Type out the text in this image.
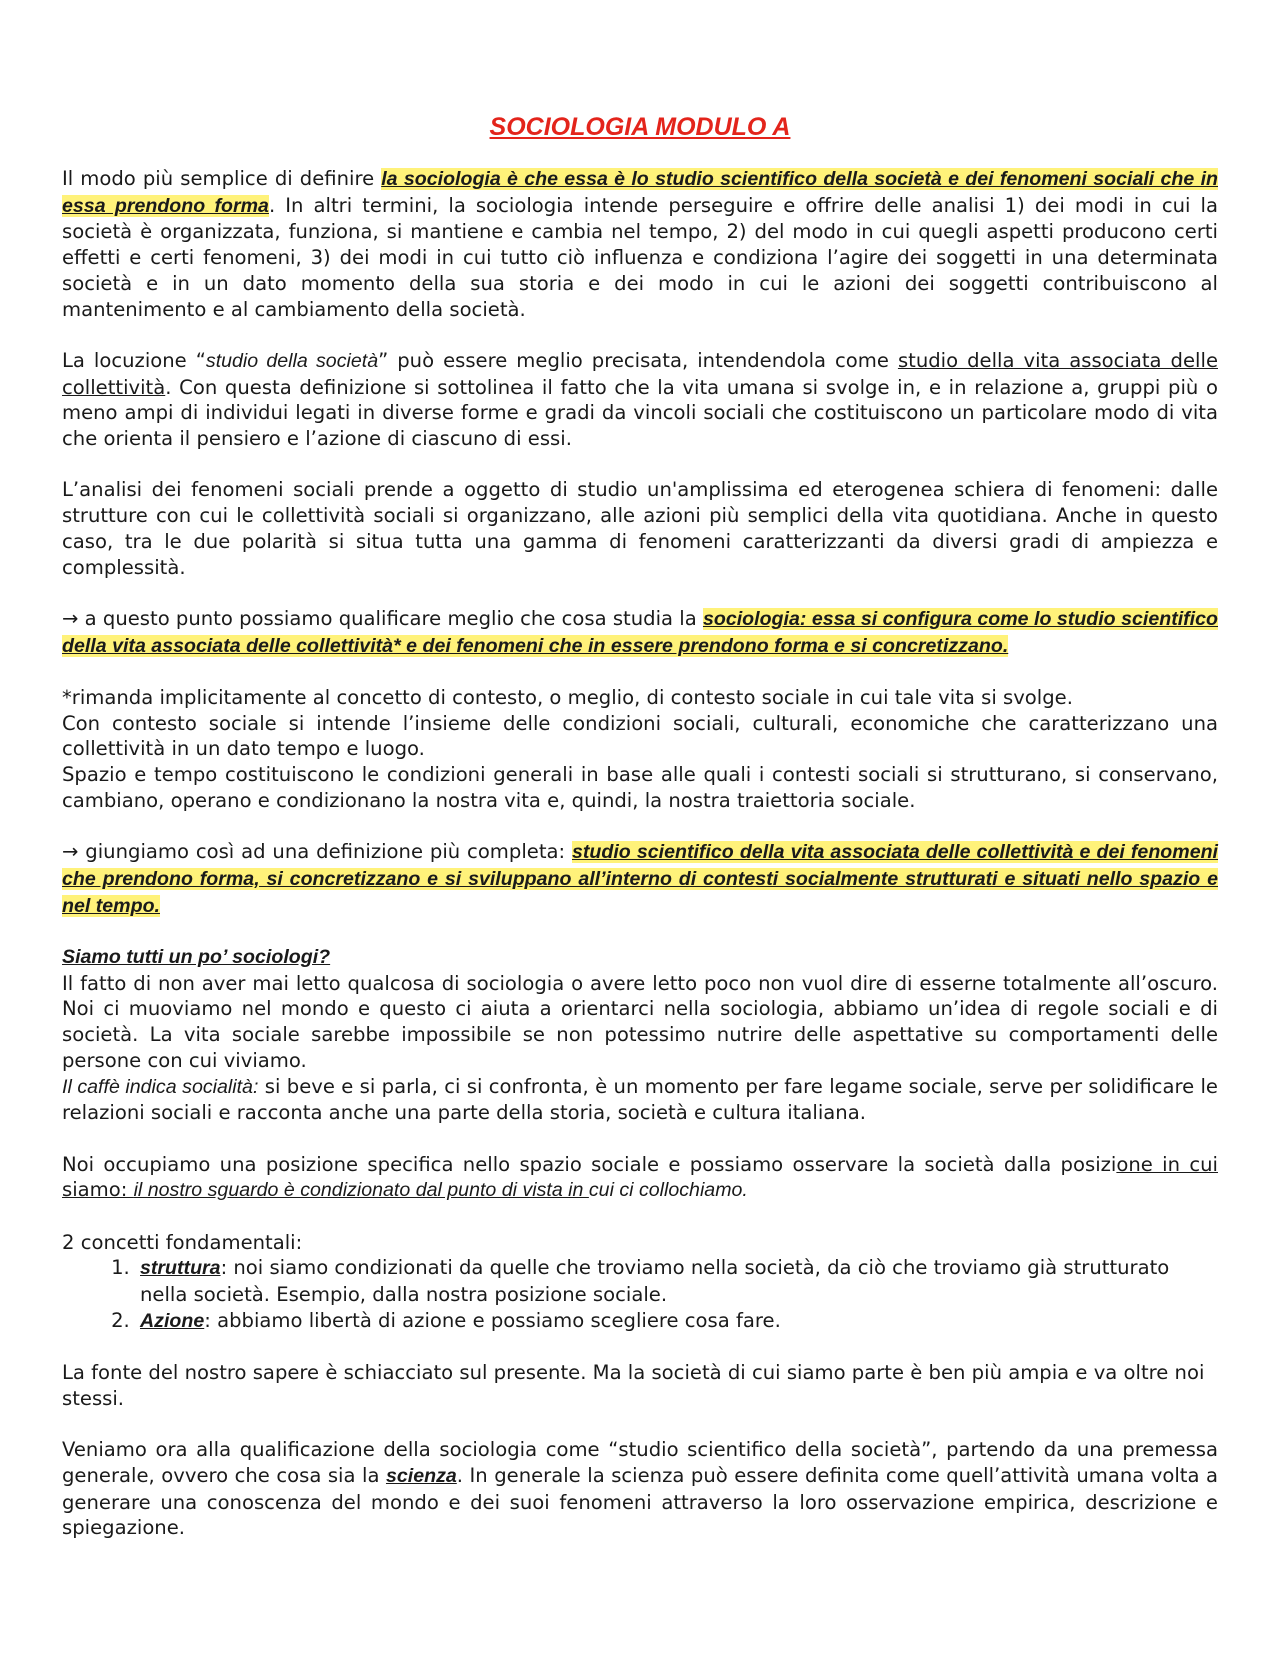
SOCIOLOGIA MODULO A

Il modo più semplice di definire la sociologia è che essa è lo studio scientifico della società e dei fenomeni sociali che in essa prendono forma. In altri termini, la sociologia intende perseguire e offrire delle analisi 1) dei modi in cui la società è organizzata, funziona, si mantiene e cambia nel tempo, 2) del modo in cui quegli aspetti producono certi effetti e certi fenomeni, 3) dei modi in cui tutto ciò influenza e condiziona l’agire dei soggetti in una determinata società e in un dato momento della sua storia e dei modo in cui le azioni dei soggetti contribuiscono al mantenimento e al cambiamento della società.

La locuzione “studio della società” può essere meglio precisata, intendendola come studio della vita associata delle collettività. Con questa definizione si sottolinea il fatto che la vita umana si svolge in, e in relazione a, gruppi più o meno ampi di individui legati in diverse forme e gradi da vincoli sociali che costituiscono un particolare modo di vita che orienta il pensiero e l’azione di ciascuno di essi.

L’analisi dei fenomeni sociali prende a oggetto di studio un'amplissima ed eterogenea schiera di fenomeni: dalle strutture con cui le collettività sociali si organizzano, alle azioni più semplici della vita quotidiana. Anche in questo caso, tra le due polarità si situa tutta una gamma di fenomeni caratterizzanti da diversi gradi di ampiezza e complessità.

→ a questo punto possiamo qualificare meglio che cosa studia la sociologia: essa si configura come lo studio scientifico della vita associata delle collettività* e dei fenomeni che in essere prendono forma e si concretizzano.

*rimanda implicitamente al concetto di contesto, o meglio, di contesto sociale in cui tale vita si svolge.

Con contesto sociale si intende l’insieme delle condizioni sociali, culturali, economiche che caratterizzano una collettività in un dato tempo e luogo.

Spazio e tempo costituiscono le condizioni generali in base alle quali i contesti sociali si strutturano, si conservano, cambiano, operano e condizionano la nostra vita e, quindi, la nostra traiettoria sociale.

→ giungiamo così ad una definizione più completa: studio scientifico della vita associata delle collettività e dei fenomeni che prendono forma, si concretizzano e si sviluppano all’interno di contesti socialmente strutturati e situati nello spazio e nel tempo.

Siamo tutti un po’ sociologi?

Il fatto di non aver mai letto qualcosa di sociologia o avere letto poco non vuol dire di esserne totalmente all’oscuro. Noi ci muoviamo nel mondo e questo ci aiuta a orientarci nella sociologia, abbiamo un’idea di regole sociali e di società. La vita sociale sarebbe impossibile se non potessimo nutrire delle aspettative su comportamenti delle persone con cui viviamo.

Il caffè indica socialità: si beve e si parla, ci si confronta, è un momento per fare legame sociale, serve per solidificare le relazioni sociali e racconta anche una parte della storia, società e cultura italiana.

Noi occupiamo una posizione specifica nello spazio sociale e possiamo osservare la società dalla posizione in cui siamo: il nostro sguardo è condizionato dal punto di vista in cui ci collochiamo.

2 concetti fondamentali:
1. struttura: noi siamo condizionati da quelle che troviamo nella società, da ciò che troviamo già strutturato nella società. Esempio, dalla nostra posizione sociale.
2. Azione: abbiamo libertà di azione e possiamo scegliere cosa fare.

La fonte del nostro sapere è schiacciato sul presente. Ma la società di cui siamo parte è ben più ampia e va oltre noi stessi.

Veniamo ora alla qualificazione della sociologia come “studio scientifico della società”, partendo da una premessa generale, ovvero che cosa sia la scienza. In generale la scienza può essere definita come quell’attività umana volta a generare una conoscenza del mondo e dei suoi fenomeni attraverso la loro osservazione empirica, descrizione e spiegazione.
